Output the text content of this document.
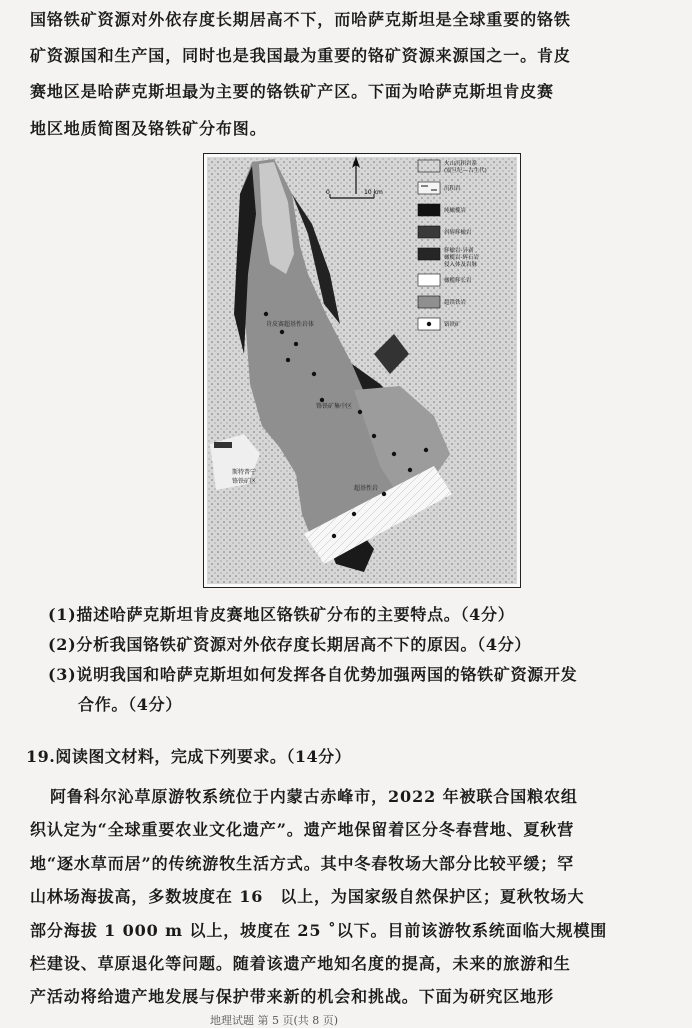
国铬铁矿资源对外依存度长期居高不下，而哈萨克斯坦是全球重要的铬铁
矿资源国和生产国，同时也是我国最为重要的铬矿资源来源国之一。肯皮
赛地区是哈萨克斯坦最为主要的铬铁矿产区。下面为哈萨克斯坦肯皮赛
地区地质简图及铬铁矿分布图。
N
0	10 km
肯皮赛超基性岩体
铬铁矿集中区
斯特普宁
铬铁矿区
超基性岩
火山沉积岩系
(震旦纪—古生代)
沉积岩
纯橄榄岩
斜辉辉橄岩
辉橄岩-异剥
橄榄岩-辉石岩
侵入体及岩脉
橄榄辉长岩
超镁铁岩
铬铁矿
(1)描述哈萨克斯坦肯皮赛地区铬铁矿分布的主要特点。（4分）
(2)分析我国铬铁矿资源对外依存度长期居高不下的原因。（4分）
(3)说明我国和哈萨克斯坦如何发挥各自优势加强两国的铬铁矿资源开发
合作。（4分）
19.阅读图文材料，完成下列要求。（14分）
阿鲁科尔沁草原游牧系统位于内蒙古赤峰市，2022 年被联合国粮农组
织认定为“全球重要农业文化遗产”。遗产地保留着区分冬春营地、夏秋营
地“逐水草而居”的传统游牧生活方式。其中冬春牧场大部分比较平缓；罕
山林场海拔高，多数坡度在 16　以上，为国家级自然保护区；夏秋牧场大
部分海拔 1 000 m 以上，坡度在 25 ˚以下。目前该游牧系统面临大规模围
栏建设、草原退化等问题。随着该遗产地知名度的提高，未来的旅游和生
产活动将给遗产地发展与保护带来新的机会和挑战。下面为研究区地形
地理试题 第 5 页(共 8 页)
